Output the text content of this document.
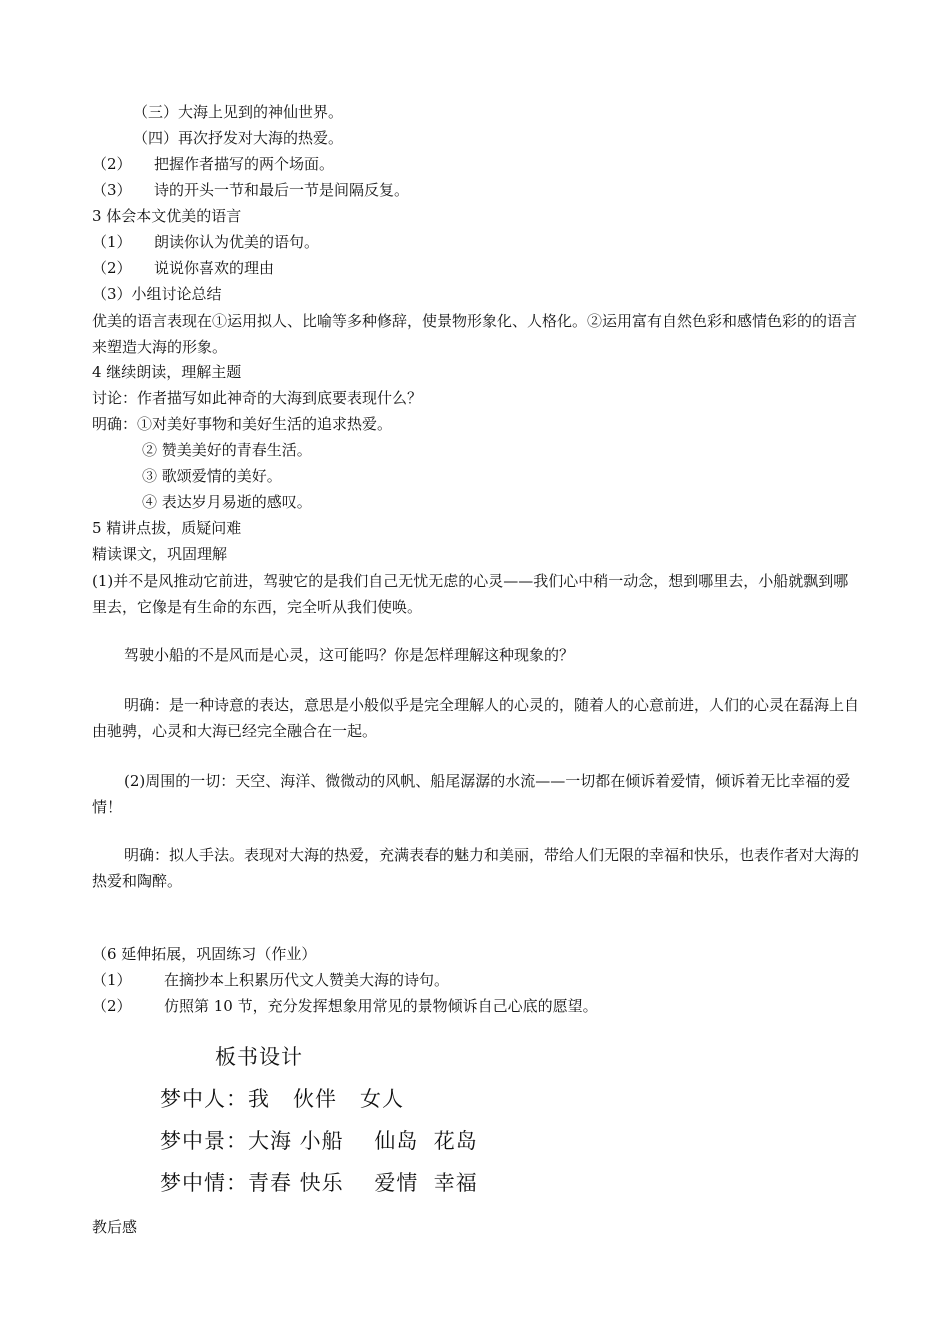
（三）大海上见到的神仙世界。
（四）再次抒发对大海的热爱。
（2） 把握作者描写的两个场面。
（3） 诗的开头一节和最后一节是间隔反复。
3 体会本文优美的语言
（1） 朗读你认为优美的语句。
（2） 说说你喜欢的理由
（3）小组讨论总结
优美的语言表现在①运用拟人、比喻等多种修辞，使景物形象化、人格化。②运用富有自然色彩和感情色彩的的语言来塑造大海的形象。
4 继续朗读，理解主题
讨论：作者描写如此神奇的大海到底要表现什么？
明确：①对美好事物和美好生活的追求热爱。
② 赞美美好的青春生活。
③ 歌颂爱情的美好。
④ 表达岁月易逝的感叹。
5 精讲点拔，质疑问难
精读课文，巩固理解
(1)并不是风推动它前进，驾驶它的是我们自己无忧无虑的心灵——我们心中稍一动念，想到哪里去，小船就飘到哪里去，它像是有生命的东西，完全听从我们使唤。
驾驶小船的不是风而是心灵，这可能吗？你是怎样理解这种现象的？
明确：是一种诗意的表达，意思是小般似乎是完全理解人的心灵的，随着人的心意前进，人们的心灵在磊海上自由驰骋，心灵和大海已经完全融合在一起。
(2)周围的一切：天空、海洋、微微动的风帆、船尾潺潺的水流——一切都在倾诉着爱情，倾诉着无比幸福的爱情！
明确：拟人手法。表现对大海的热爱，充满表春的魅力和美丽，带给人们无限的幸福和快乐，也表作者对大海的热爱和陶醉。
（6 延伸拓展，巩固练习（作业）
（1） 在摘抄本上积累历代文人赞美大海的诗句。
（2） 仿照第 10 节，充分发挥想象用常见的景物倾诉自己心底的愿望。
板书设计
梦中人：我   伙伴   女人
梦中景：大海 小船    仙岛  花岛
梦中情：青春 快乐    爱情  幸福
教后感
